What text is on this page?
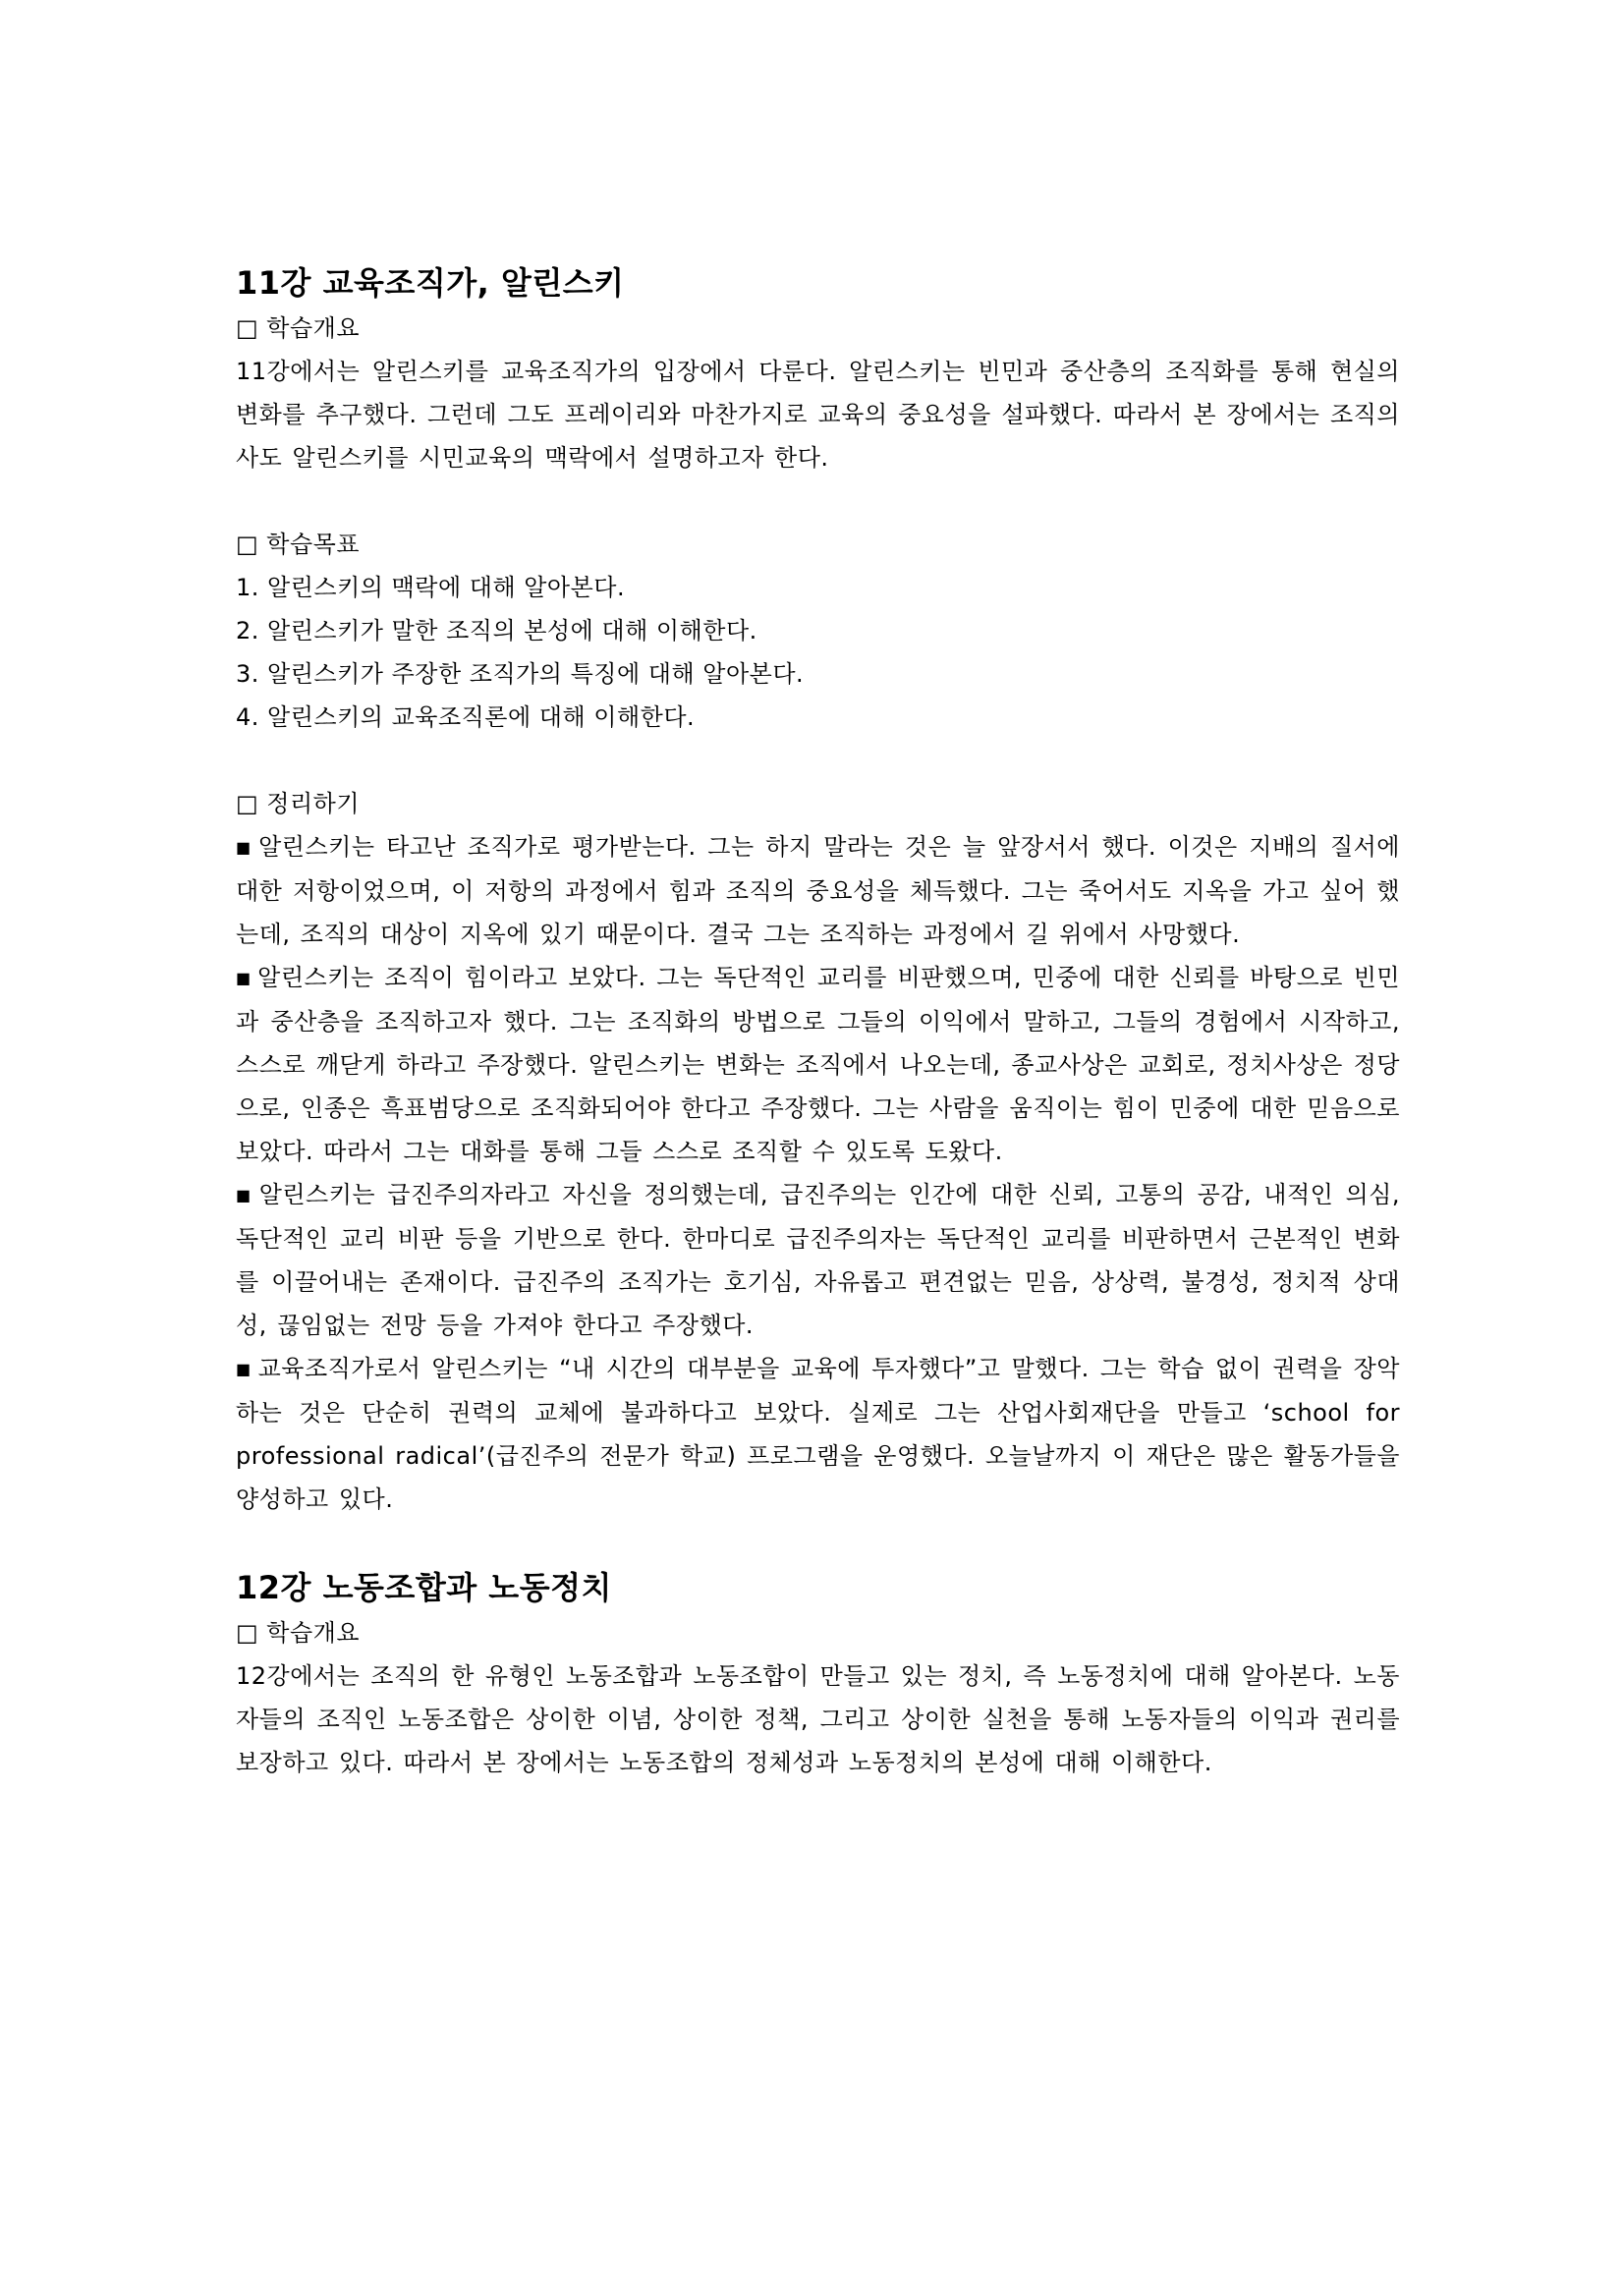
11강 교육조직가, 알린스키

□ 학습개요

11강에서는 알린스키를 교육조직가의 입장에서 다룬다. 알린스키는 빈민과 중산층의 조직화를 통해 현실의 변화를 추구했다. 그런데 그도 프레이리와 마찬가지로 교육의 중요성을 설파했다. 따라서 본 장에서는 조직의 사도 알린스키를 시민교육의 맥락에서 설명하고자 한다.

□ 학습목표

1. 알린스키의 맥락에 대해 알아본다.

2. 알린스키가 말한 조직의 본성에 대해 이해한다.

3. 알린스키가 주장한 조직가의 특징에 대해 알아본다.

4. 알린스키의 교육조직론에 대해 이해한다.

□ 정리하기

■ 알린스키는 타고난 조직가로 평가받는다. 그는 하지 말라는 것은 늘 앞장서서 했다. 이것은 지배의 질서에 대한 저항이었으며, 이 저항의 과정에서 힘과 조직의 중요성을 체득했다. 그는 죽어서도 지옥을 가고 싶어 했는데, 조직의 대상이 지옥에 있기 때문이다. 결국 그는 조직하는 과정에서 길 위에서 사망했다.

■ 알린스키는 조직이 힘이라고 보았다. 그는 독단적인 교리를 비판했으며, 민중에 대한 신뢰를 바탕으로 빈민과 중산층을 조직하고자 했다. 그는 조직화의 방법으로 그들의 이익에서 말하고, 그들의 경험에서 시작하고, 스스로 깨닫게 하라고 주장했다. 알린스키는 변화는 조직에서 나오는데, 종교사상은 교회로, 정치사상은 정당으로, 인종은 흑표범당으로 조직화되어야 한다고 주장했다. 그는 사람을 움직이는 힘이 민중에 대한 믿음으로 보았다. 따라서 그는 대화를 통해 그들 스스로 조직할 수 있도록 도왔다.

■ 알린스키는 급진주의자라고 자신을 정의했는데, 급진주의는 인간에 대한 신뢰, 고통의 공감, 내적인 의심, 독단적인 교리 비판 등을 기반으로 한다. 한마디로 급진주의자는 독단적인 교리를 비판하면서 근본적인 변화를 이끌어내는 존재이다. 급진주의 조직가는 호기심, 자유롭고 편견없는 믿음, 상상력, 불경성, 정치적 상대성, 끊임없는 전망 등을 가져야 한다고 주장했다.

■ 교육조직가로서 알린스키는 “내 시간의 대부분을 교육에 투자했다”고 말했다. 그는 학습 없이 권력을 장악하는 것은 단순히 권력의 교체에 불과하다고 보았다. 실제로 그는 산업사회재단을 만들고 ‘school for professional radical’(급진주의 전문가 학교) 프로그램을 운영했다. 오늘날까지 이 재단은 많은 활동가들을 양성하고 있다.

12강 노동조합과 노동정치

□ 학습개요

12강에서는 조직의 한 유형인 노동조합과 노동조합이 만들고 있는 정치, 즉 노동정치에 대해 알아본다. 노동자들의 조직인 노동조합은 상이한 이념, 상이한 정책, 그리고 상이한 실천을 통해 노동자들의 이익과 권리를 보장하고 있다. 따라서 본 장에서는 노동조합의 정체성과 노동정치의 본성에 대해 이해한다.
